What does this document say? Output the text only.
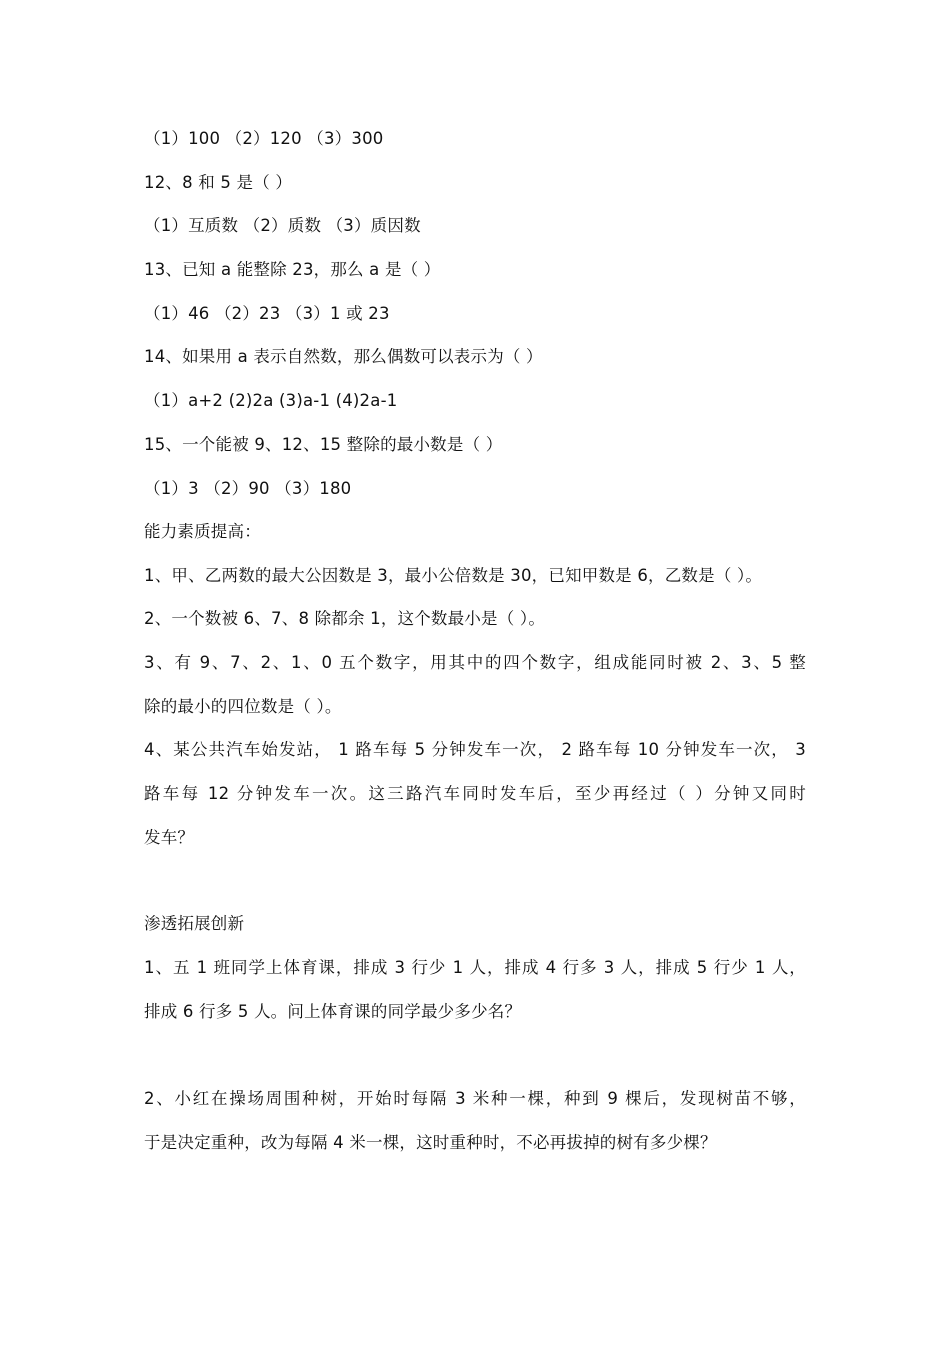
（1）100 （2）120 （3）300
12、8 和 5 是（ ）
（1）互质数 （2）质数 （3）质因数
13、已知 a 能整除 23，那么 a 是（ ）
（1）46 （2）23 （3）1 或 23
14、如果用 a 表示自然数，那么偶数可以表示为（ ）
（1）a+2 (2)2a (3)a-1 (4)2a-1
15、一个能被 9、12、15 整除的最小数是（ ）
（1）3 （2）90 （3）180
能力素质提高：
1、甲、乙两数的最大公因数是 3，最小公倍数是 30，已知甲数是 6，乙数是（ ）。
2、一个数被 6、7、8 除都余 1，这个数最小是（ ）。
3、有 9、7、2、1、0 五个数字，用其中的四个数字，组成能同时被 2、3、5 整
除的最小的四位数是（ ）。
4、某公共汽车始发站， 1 路车每 5 分钟发车一次， 2 路车每 10 分钟发车一次， 3
路车每 12 分钟发车一次。这三路汽车同时发车后，至少再经过（ ）分钟又同时
发车？
渗透拓展创新
1、五 1 班同学上体育课，排成 3 行少 1 人，排成 4 行多 3 人，排成 5 行少 1 人，
排成 6 行多 5 人。问上体育课的同学最少多少名？
2、小红在操场周围种树，开始时每隔 3 米种一棵，种到 9 棵后，发现树苗不够，
于是决定重种，改为每隔 4 米一棵，这时重种时，不必再拔掉的树有多少棵？
